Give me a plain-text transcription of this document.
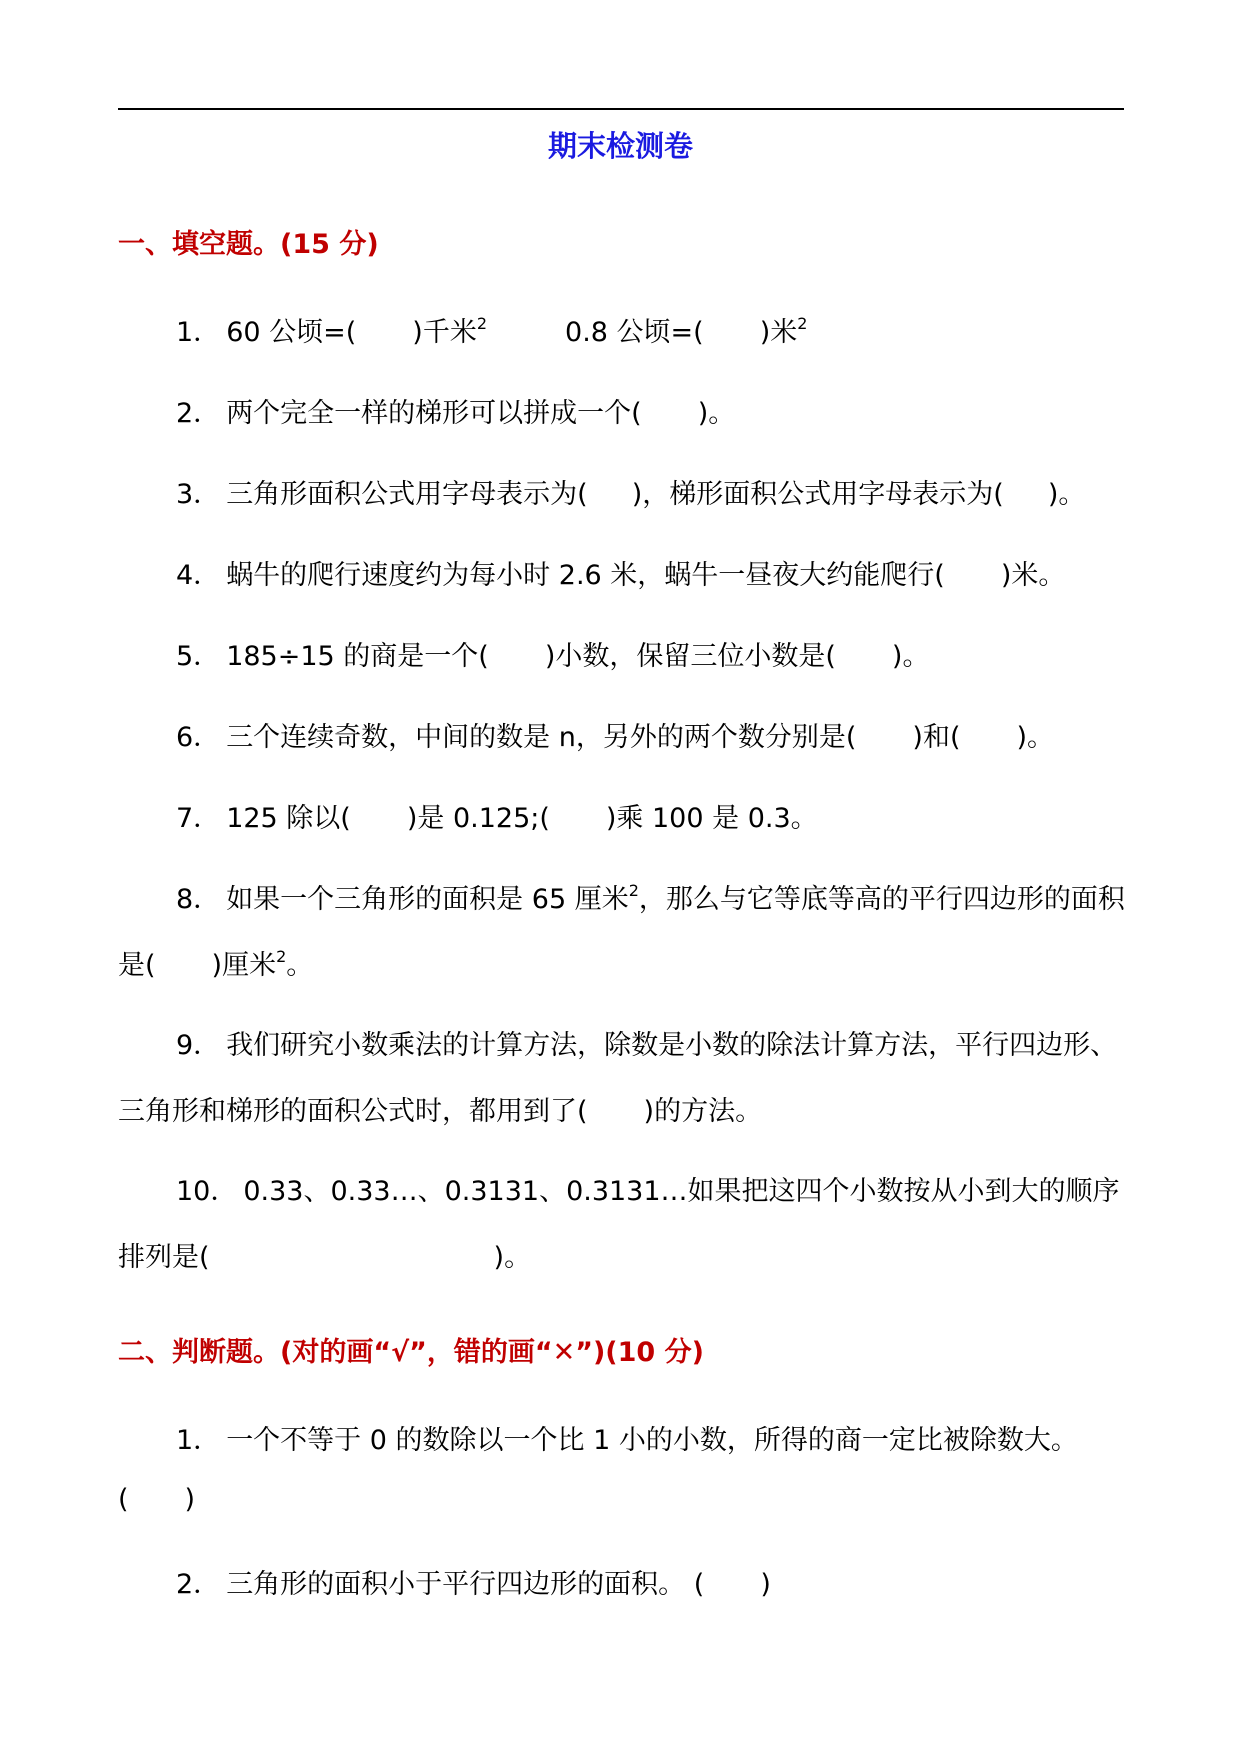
期末检测卷
一、填空题。(15 分)
1． 60 公顷=( )千米$^2$	0.8 公顷=( )米$^2$
2． 两个完全一样的梯形可以拼成一个( )。
3． 三角形面积公式用字母表示为( )，梯形面积公式用字母表示为( )。
4． 蜗牛的爬行速度约为每小时 2.6 米，蜗牛一昼夜大约能爬行( )米。
5． 185÷15 的商是一个( )小数，保留三位小数是( )。
6． 三个连续奇数，中间的数是 n，另外的两个数分别是( )和( )。
7． 125 除以( )是 0.125;( )乘 100 是 0.3。
8． 如果一个三角形的面积是 65 厘米$^2$，那么与它等底等高的平行四边形的面积是( )厘米$^2$。
9． 我们研究小数乘法的计算方法，除数是小数的除法计算方法，平行四边形、三角形和梯形的面积公式时，都用到了( )的方法。
10． 0.33、0.33…、0.3131、0.3131…如果把这四个小数按从小到大的顺序排列是(	)。
二、判断题。(对的画“√”，错的画“✕”)(10 分)
1． 一个不等于 0 的数除以一个比 1 小的小数，所得的商一定比被除数大。
( )
2． 三角形的面积小于平行四边形的面积。 ( )
